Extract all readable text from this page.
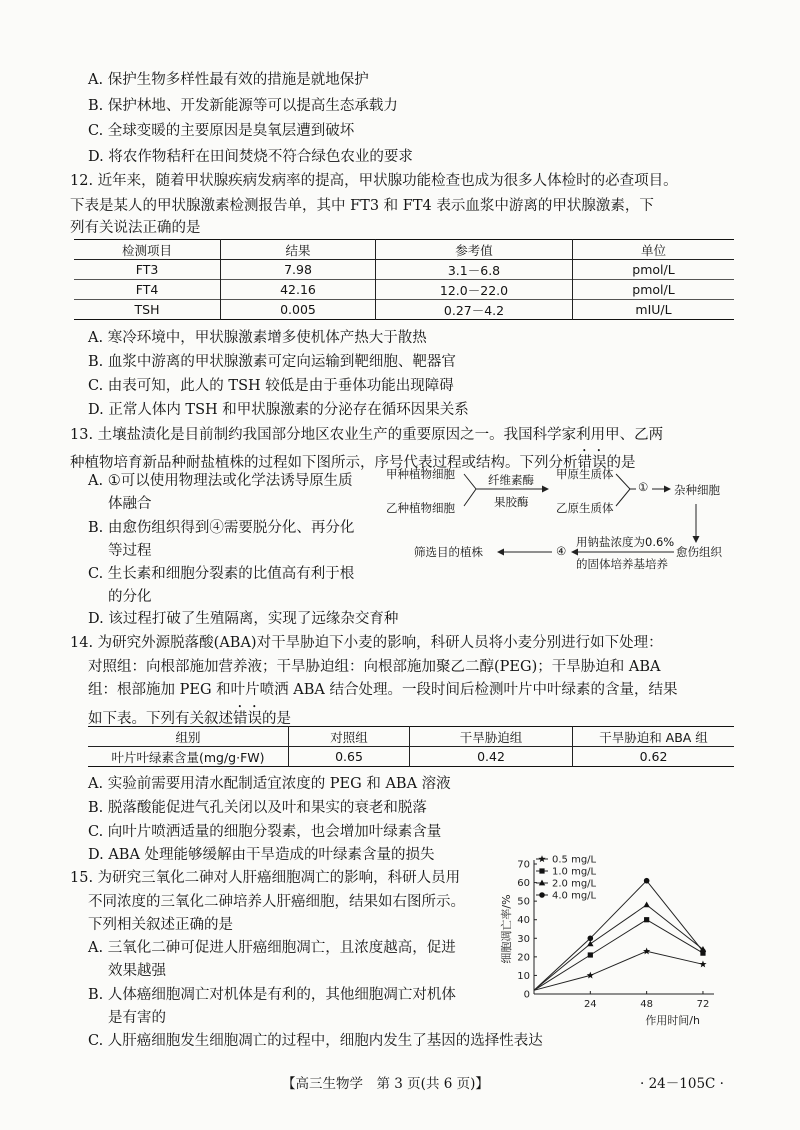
A. 保护生物多样性最有效的措施是就地保护
B. 保护林地、开发新能源等可以提高生态承载力
C. 全球变暖的主要原因是臭氧层遭到破坏
D. 将农作物秸秆在田间焚烧不符合绿色农业的要求
12. 近年来，随着甲状腺疾病发病率的提高，甲状腺功能检查也成为很多人体检时的必查项目。
下表是某人的甲状腺激素检测报告单，其中 FT3 和 FT4 表示血浆中游离的甲状腺激素，下
列有关说法正确的是
检测项目	结果	参考值	单位
FT3	7.98	3.1－6.8	pmol/L
FT4	42.16	12.0－22.0	pmol/L
TSH	0.005	0.27－4.2	mIU/L
A. 寒冷环境中，甲状腺激素增多使机体产热大于散热
B. 血浆中游离的甲状腺激素可定向运输到靶细胞、靶器官
C. 由表可知，此人的 TSH 较低是由于垂体功能出现障碍
D. 正常人体内 TSH 和甲状腺激素的分泌存在循环因果关系
13. 土壤盐渍化是目前制约我国部分地区农业生产的重要原因之一。我国科学家利用甲、乙两
种植物培育新品种耐盐植株的过程如下图所示，序号代表过程或结构。下列分析错误的是
A. ①可以使用物理法或化学法诱导原生质
体融合
B. 由愈伤组织得到④需要脱分化、再分化
等过程
C. 生长素和细胞分裂素的比值高有利于根
的分化
D. 该过程打破了生殖隔离，实现了远缘杂交育种
甲种植物细胞
乙种植物细胞
纤维素酶
果胶酶
甲原生质体
乙原生质体
① 杂种细胞
愈伤组织
用钠盐浓度为0.6%
的固体培养基培养
④
筛选目的植株
14. 为研究外源脱落酸(ABA)对干旱胁迫下小麦的影响，科研人员将小麦分别进行如下处理：
对照组：向根部施加营养液；干旱胁迫组：向根部施加聚乙二醇(PEG)；干旱胁迫和 ABA
组：根部施加 PEG 和叶片喷洒 ABA 结合处理。一段时间后检测叶片中叶绿素的含量，结果
如下表。下列有关叙述错误的是
组别	对照组	干旱胁迫组	干旱胁迫和 ABA 组
叶片叶绿素含量(mg/g·FW)	0.65	0.42	0.62
A. 实验前需要用清水配制适宜浓度的 PEG 和 ABA 溶液
B. 脱落酸能促进气孔关闭以及叶和果实的衰老和脱落
C. 向叶片喷洒适量的细胞分裂素，也会增加叶绿素含量
D. ABA 处理能够缓解由干旱造成的叶绿素含量的损失
15. 为研究三氧化二砷对人肝癌细胞凋亡的影响，科研人员用
不同浓度的三氧化二砷培养人肝癌细胞，结果如右图所示。
下列相关叙述正确的是
A. 三氧化二砷可促进人肝癌细胞凋亡，且浓度越高，促进
效果越强
B. 人体癌细胞凋亡对机体是有利的，其他细胞凋亡对机体
是有害的
C. 人肝癌细胞发生细胞凋亡的过程中，细胞内发生了基因的选择性表达
0
10
20
30
40
50
60
70
24	48	72
作用时间/h
细胞凋亡率/%
0.5 mg/L
1.0 mg/L
2.0 mg/L
4.0 mg/L
【高三生物学　第 3 页(共 6 页)】	· 24－105C ·
